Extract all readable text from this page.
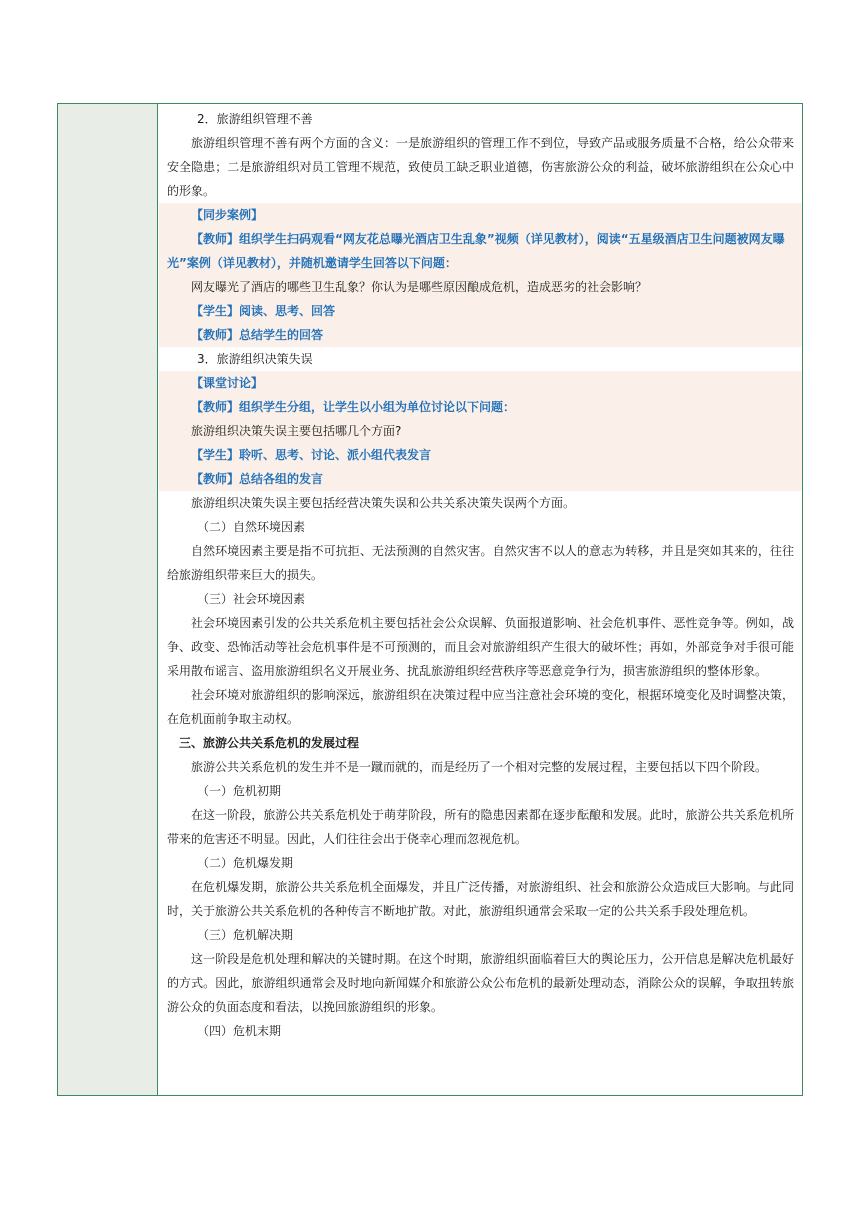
2．旅游组织管理不善

旅游组织管理不善有两个方面的含义：一是旅游组织的管理工作不到位，导致产品或服务质量不合格，给公众带来安全隐患；二是旅游组织对员工管理不规范，致使员工缺乏职业道德，伤害旅游公众的利益，破坏旅游组织在公众心中的形象。

【同步案例】

【教师】组织学生扫码观看“网友花总曝光酒店卫生乱象”视频（详见教材），阅读“五星级酒店卫生问题被网友曝光”案例（详见教材），并随机邀请学生回答以下问题：

网友曝光了酒店的哪些卫生乱象？你认为是哪些原因酿成危机，造成恶劣的社会影响？

【学生】阅读、思考、回答

【教师】总结学生的回答

3．旅游组织决策失误

【课堂讨论】

【教师】组织学生分组，让学生以小组为单位讨论以下问题：

旅游组织决策失误主要包括哪几个方面?

【学生】聆听、思考、讨论、派小组代表发言

【教师】总结各组的发言

旅游组织决策失误主要包括经营决策失误和公共关系决策失误两个方面。

（二）自然环境因素

自然环境因素主要是指不可抗拒、无法预测的自然灾害。自然灾害不以人的意志为转移，并且是突如其来的，往往给旅游组织带来巨大的损失。

（三）社会环境因素

社会环境因素引发的公共关系危机主要包括社会公众误解、负面报道影响、社会危机事件、恶性竞争等。例如，战争、政变、恐怖活动等社会危机事件是不可预测的，而且会对旅游组织产生很大的破坏性；再如，外部竞争对手很可能采用散布谣言、盗用旅游组织名义开展业务、扰乱旅游组织经营秩序等恶意竞争行为，损害旅游组织的整体形象。

社会环境对旅游组织的影响深远，旅游组织在决策过程中应当注意社会环境的变化，根据环境变化及时调整决策，在危机面前争取主动权。

三、旅游公共关系危机的发展过程

旅游公共关系危机的发生并不是一蹴而就的，而是经历了一个相对完整的发展过程，主要包括以下四个阶段。

（一）危机初期

在这一阶段，旅游公共关系危机处于萌芽阶段，所有的隐患因素都在逐步酝酿和发展。此时，旅游公共关系危机所带来的危害还不明显。因此，人们往往会出于侥幸心理而忽视危机。

（二）危机爆发期

在危机爆发期，旅游公共关系危机全面爆发，并且广泛传播，对旅游组织、社会和旅游公众造成巨大影响。与此同时，关于旅游公共关系危机的各种传言不断地扩散。对此，旅游组织通常会采取一定的公共关系手段处理危机。

（三）危机解决期

这一阶段是危机处理和解决的关键时期。在这个时期，旅游组织面临着巨大的舆论压力，公开信息是解决危机最好的方式。因此，旅游组织通常会及时地向新闻媒介和旅游公众公布危机的最新处理动态，消除公众的误解，争取扭转旅游公众的负面态度和看法，以挽回旅游组织的形象。

（四）危机末期
